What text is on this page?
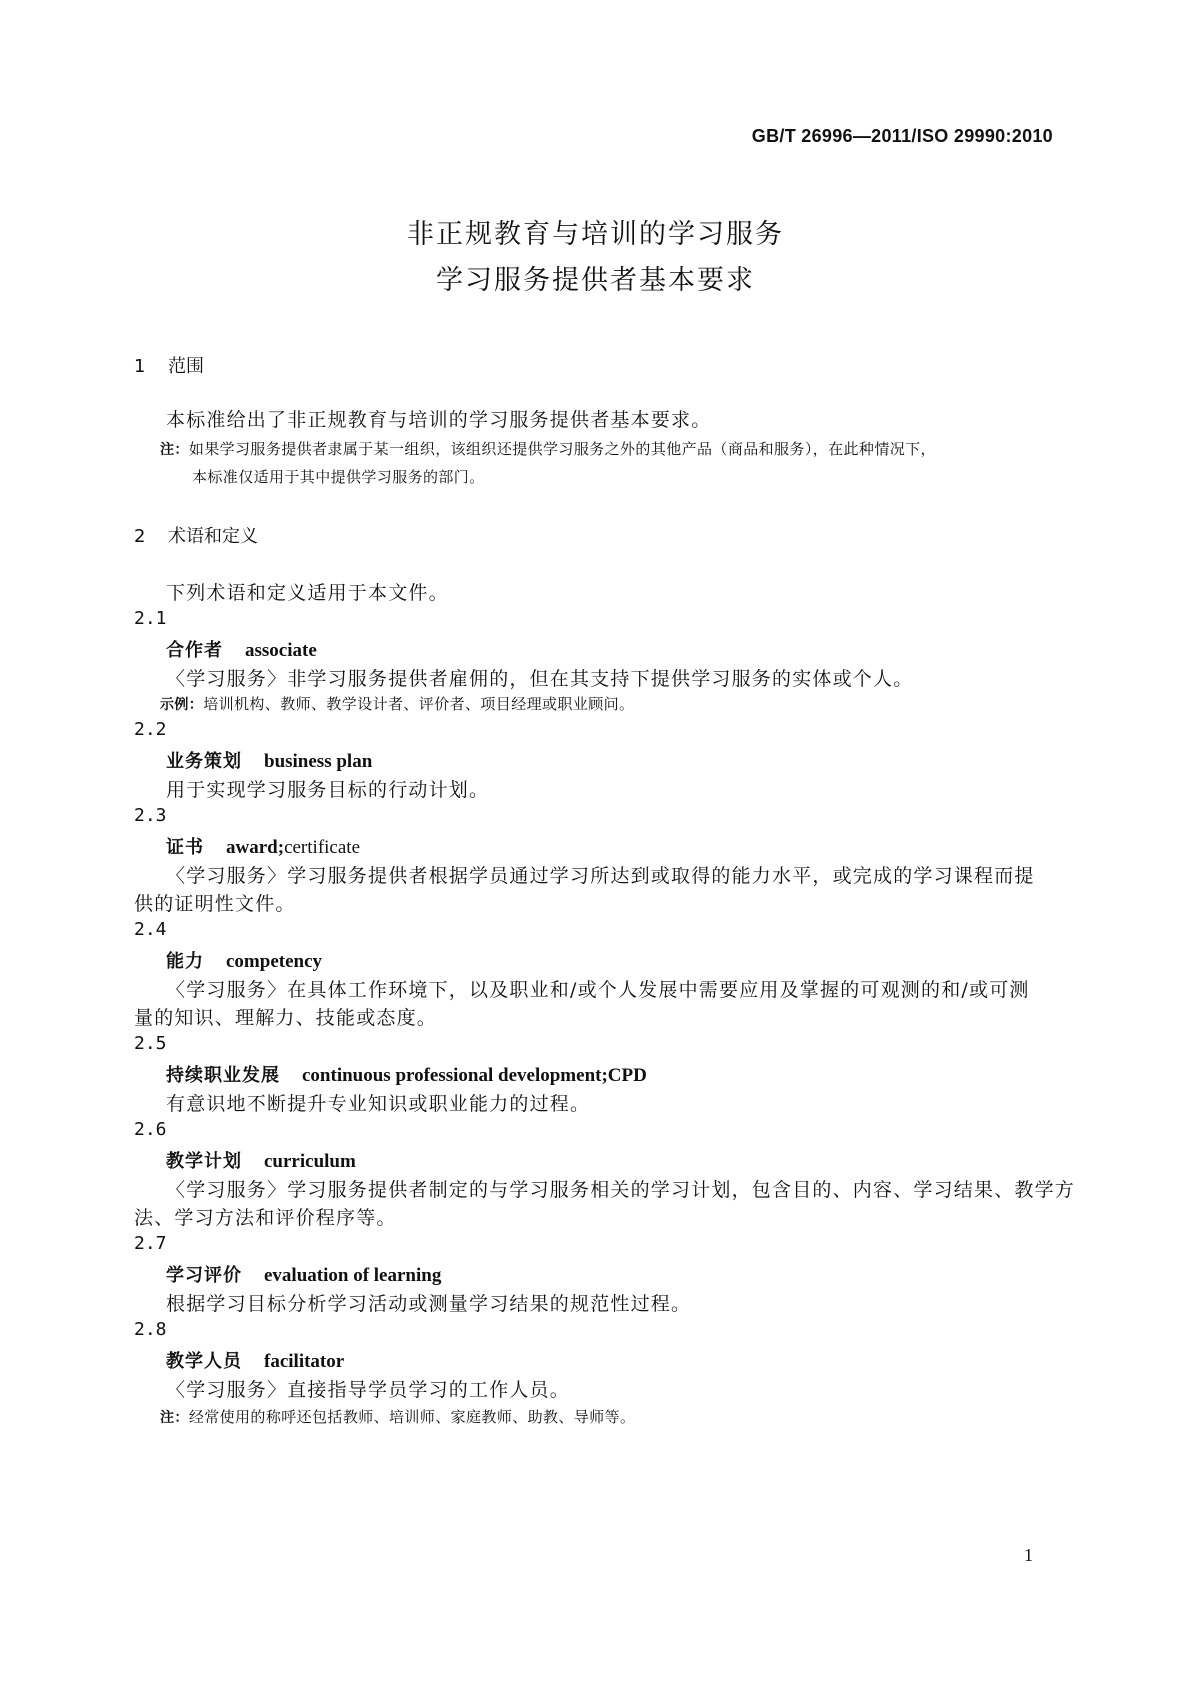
GB/T 26996—2011/ISO 29990:2010
非正规教育与培训的学习服务
学习服务提供者基本要求
1 范围
本标准给出了非正规教育与培训的学习服务提供者基本要求。
注：如果学习服务提供者隶属于某一组织，该组织还提供学习服务之外的其他产品（商品和服务），在此种情况下，
本标准仅适用于其中提供学习服务的部门。
2 术语和定义
下列术语和定义适用于本文件。
2.1
合作者 associate
〈学习服务〉非学习服务提供者雇佣的，但在其支持下提供学习服务的实体或个人。
示例：培训机构、教师、教学设计者、评价者、项目经理或职业顾问。
2.2
业务策划 business plan
用于实现学习服务目标的行动计划。
2.3
证书 award;certificate
〈学习服务〉学习服务提供者根据学员通过学习所达到或取得的能力水平，或完成的学习课程而提
供的证明性文件。
2.4
能力 competency
〈学习服务〉在具体工作环境下，以及职业和/或个人发展中需要应用及掌握的可观测的和/或可测
量的知识、理解力、技能或态度。
2.5
持续职业发展 continuous professional development;CPD
有意识地不断提升专业知识或职业能力的过程。
2.6
教学计划 curriculum
〈学习服务〉学习服务提供者制定的与学习服务相关的学习计划，包含目的、内容、学习结果、教学方
法、学习方法和评价程序等。
2.7
学习评价 evaluation of learning
根据学习目标分析学习活动或测量学习结果的规范性过程。
2.8
教学人员 facilitator
〈学习服务〉直接指导学员学习的工作人员。
注：经常使用的称呼还包括教师、培训师、家庭教师、助教、导师等。
1
